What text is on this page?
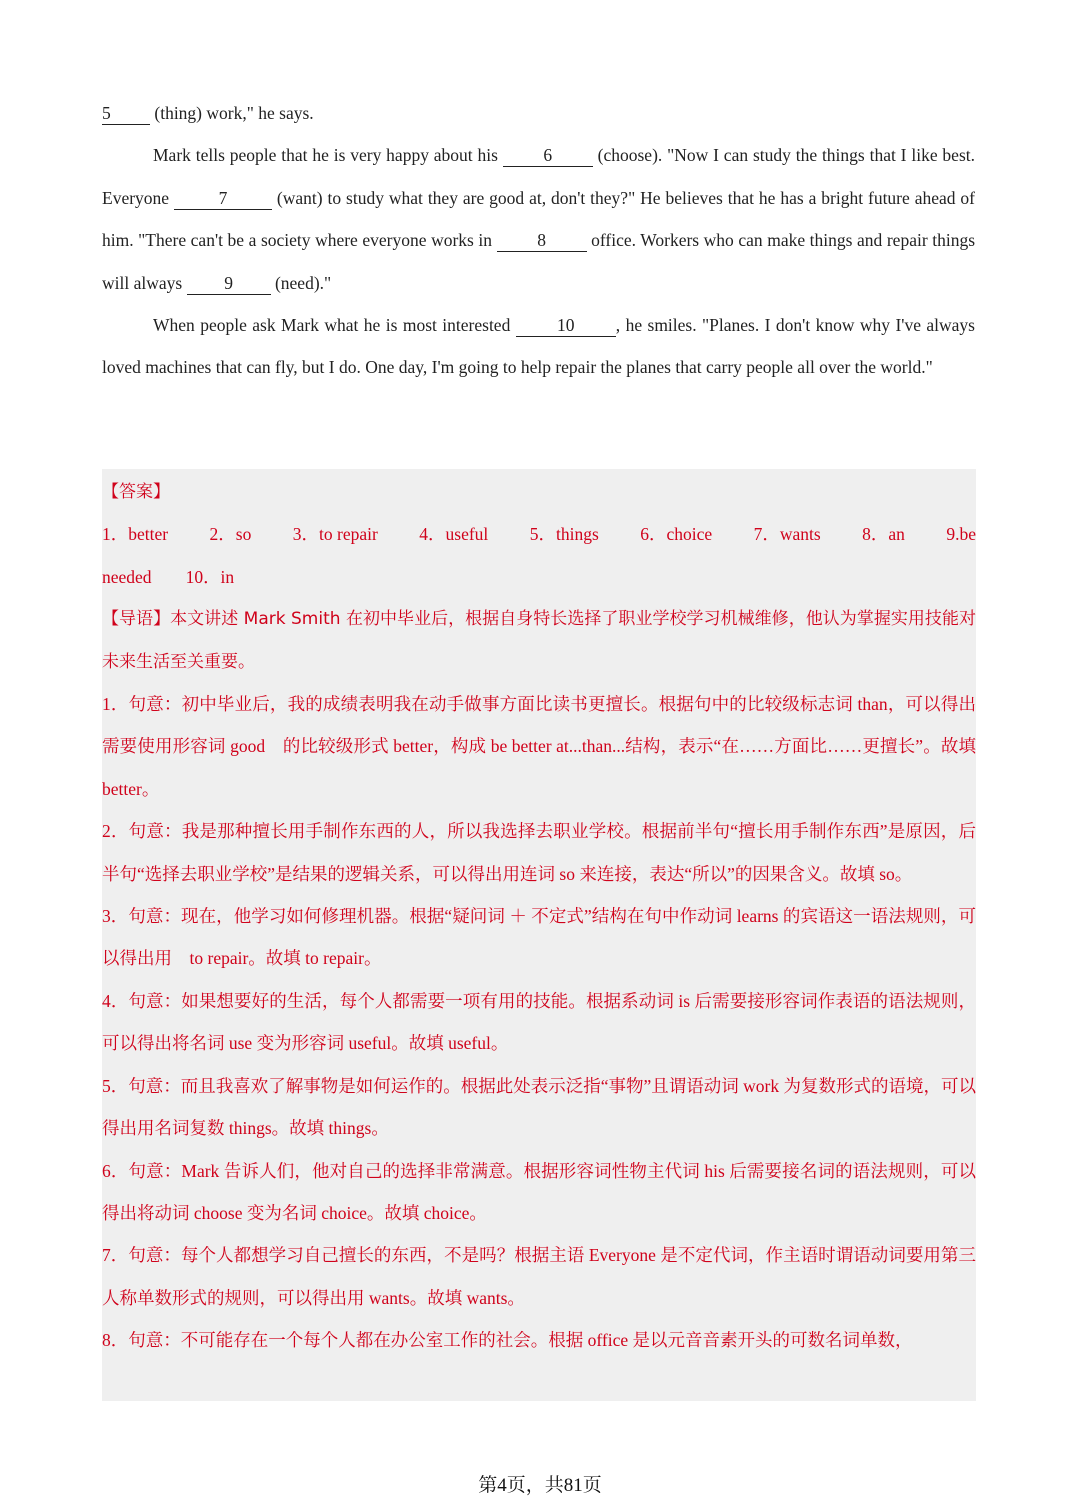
5 (thing) work," he says.

Mark tells people that he is very happy about his 6 (choose). "Now I can study the things that I like best. Everyone	7	(want) to study what they are good at, don't they?" He believes that he has a bright future ahead of him. "There can't be a society where everyone works in 8 office. Workers who can make things and repair things will always 9 (need)."

When people ask Mark what he is most interested 10 , he smiles. "Planes. I don't know why I've always loved machines that can fly, but I do. One day, I'm going to help repair the planes that carry people all over the world."

【答案】

1．better 2．so 3．to repair 4．useful 5．things 6．choice 7．wants 8．an 9.be

needed 10．in

【导语】本文讲述 Mark Smith 在初中毕业后，根据自身特长选择了职业学校学习机械维修，他认为掌握实用技能对未来生活至关重要。

1．句意：初中毕业后，我的成绩表明我在动手做事方面比读书更擅长。根据句中的比较级标志词 than，可以得出需要使用形容词 good　的比较级形式 better，构成 be better at...than...结构，表示“在……方面比……更擅长”。故填 better。

2．句意：我是那种擅长用手制作东西的人，所以我选择去职业学校。根据前半句“擅长用手制作东西”是原因，后半句“选择去职业学校”是结果的逻辑关系，可以得出用连词 so 来连接，表达“所以”的因果含义。故填 so。

3．句意：现在，他学习如何修理机器。根据“疑问词 ＋ 不定式”结构在句中作动词 learns 的宾语这一语法规则，可以得出用　to repair。故填 to repair。

4．句意：如果想要好的生活，每个人都需要一项有用的技能。根据系动词 is 后需要接形容词作表语的语法规则，可以得出将名词 use 变为形容词 useful。故填 useful。

5．句意：而且我喜欢了解事物是如何运作的。根据此处表示泛指“事物”且谓语动词 work 为复数形式的语境，可以得出用名词复数 things。故填 things。

6．句意：Mark 告诉人们，他对自己的选择非常满意。根据形容词性物主代词 his 后需要接名词的语法规则，可以得出将动词 choose 变为名词 choice。故填 choice。

7．句意：每个人都想学习自己擅长的东西，不是吗？根据主语 Everyone 是不定代词，作主语时谓语动词要用第三人称单数形式的规则，可以得出用 wants。故填 wants。

8．句意：不可能存在一个每个人都在办公室工作的社会。根据 office 是以元音音素开头的可数名词单数，

第4页，共81页
